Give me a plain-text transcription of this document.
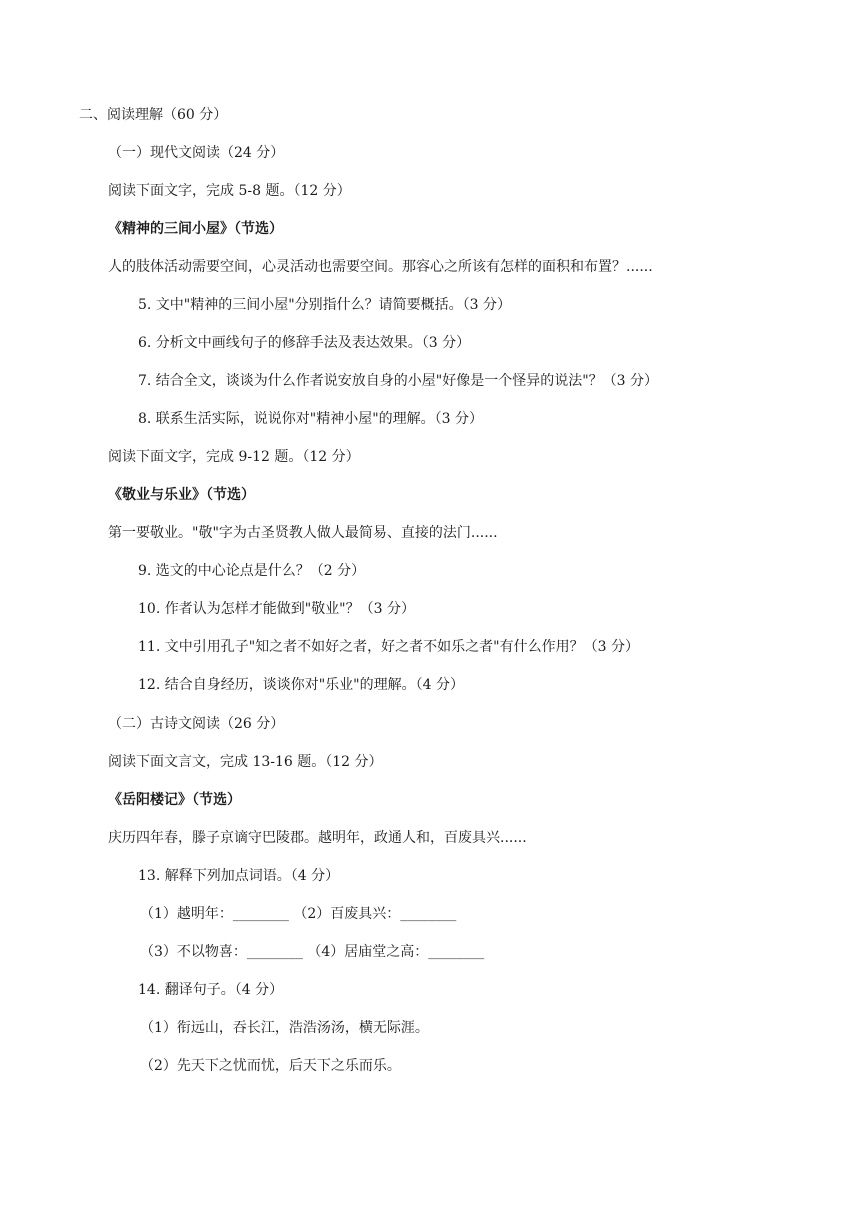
二、阅读理解（60 分）
（一）现代文阅读（24 分）
阅读下面文字，完成 5-8 题。（12 分）
《精神的三间小屋》（节选）
人的肢体活动需要空间，心灵活动也需要空间。那容心之所该有怎样的面积和布置？......
5. 文中"精神的三间小屋"分别指什么？请简要概括。（3 分）
6. 分析文中画线句子的修辞手法及表达效果。（3 分）
7. 结合全文，谈谈为什么作者说安放自身的小屋"好像是一个怪异的说法"？（3 分）
8. 联系生活实际，说说你对"精神小屋"的理解。（3 分）
阅读下面文字，完成 9-12 题。（12 分）
《敬业与乐业》（节选）
第一要敬业。"敬"字为古圣贤教人做人最简易、直接的法门......
9. 选文的中心论点是什么？（2 分）
10. 作者认为怎样才能做到"敬业"？（3 分）
11. 文中引用孔子"知之者不如好之者，好之者不如乐之者"有什么作用？（3 分）
12. 结合自身经历，谈谈你对"乐业"的理解。（4 分）
（二）古诗文阅读（26 分）
阅读下面文言文，完成 13-16 题。（12 分）
《岳阳楼记》（节选）
庆历四年春，滕子京谪守巴陵郡。越明年，政通人和，百废具兴......
13. 解释下列加点词语。（4 分）
（1）越明年：________ （2）百废具兴：________
（3）不以物喜：________ （4）居庙堂之高：________
14. 翻译句子。（4 分）
（1）衔远山，吞长江，浩浩汤汤，横无际涯。
（2）先天下之忧而忧，后天下之乐而乐。
